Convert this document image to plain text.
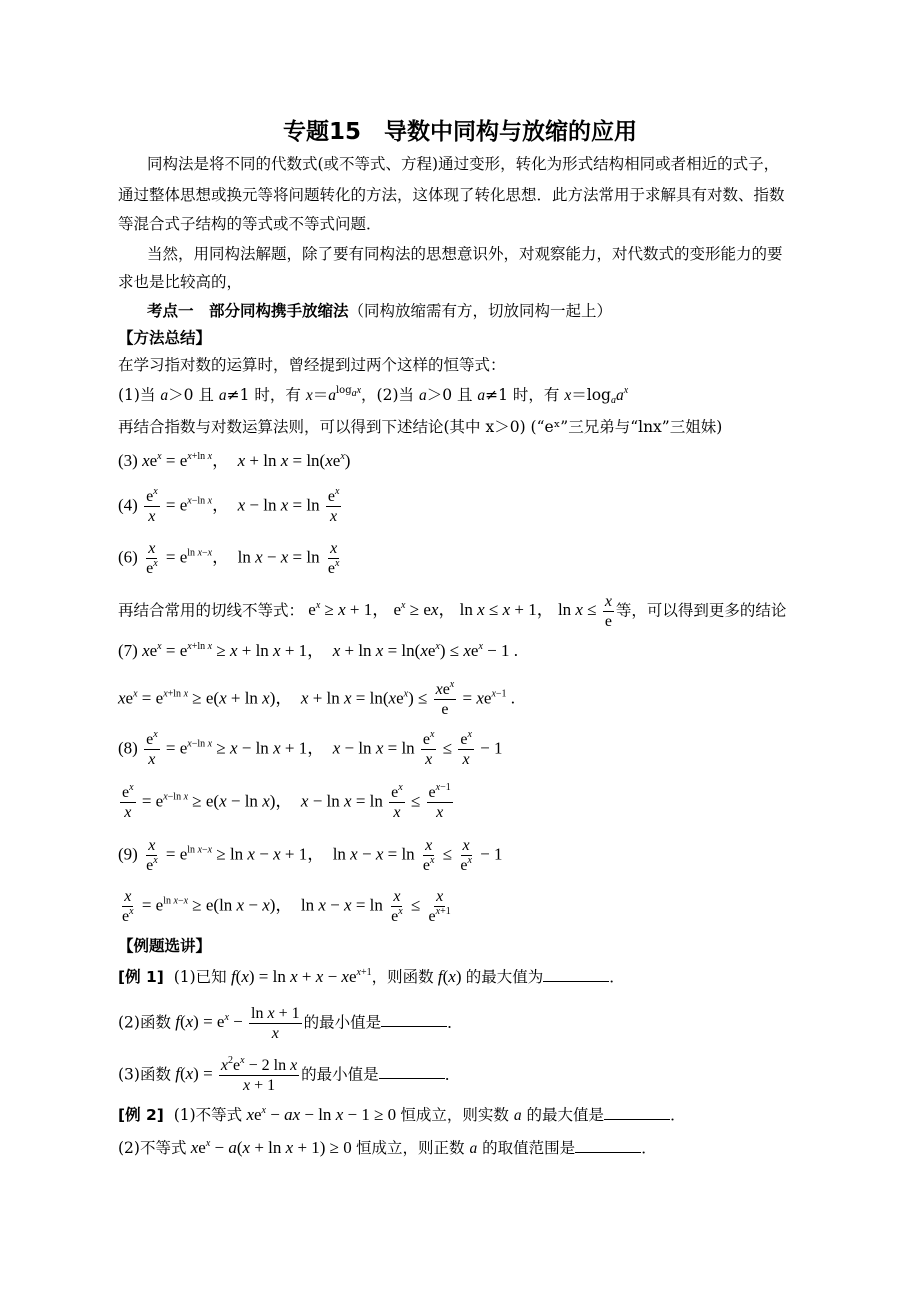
专题15　导数中同构与放缩的应用
同构法是将不同的代数式(或不等式、方程)通过变形，转化为形式结构相同或者相近的式子，
通过整体思想或换元等将问题转化的方法，这体现了转化思想．此方法常用于求解具有对数、指数
等混合式子结构的等式或不等式问题．
当然，用同构法解题，除了要有同构法的思想意识外，对观察能力，对代数式的变形能力的要
求也是比较高的，
考点一　部分同构携手放缩法（同构放缩需有方，切放同构一起上）
【方法总结】
在学习指对数的运算时，曾经提到过两个这样的恒等式：
(1)当 a＞0 且 a≠1 时，有 $x=a^{log_ax}$，(2)当 a＞0 且 a≠1 时，有 $x=\log_aa^x$
再结合指数与对数运算法则，可以得到下述结论(其中 x＞0) (“eˣ”三兄弟与“lnx”三姐妹)
(3) $xe^x = e^{x+ln x}$，  $x + \ln x = \ln(xe^x)$
$(4) \frac{e^x}{x} = e^{x-ln x}$，  $x - \ln x = \ln \frac{e^x}{x}$
$(6) \frac{x}{e^x} = e^{ln x-x}$，  $\ln x - x = \ln \frac{x}{e^x}$
再结合常用的切线不等式： $e^x \ge x + 1$， $e^x$ ≥ ex， ln x ≤ x + 1， $\ln x \le \frac{x}{e}$ 等，可以得到更多的结论
(7) $xe^x = e^{x+ln x} \ge x + \ln x + 1$，  $x + \ln x = \ln(xe^x) \le xe^x - 1$ .
$xe^x = e^{x+ln x} \ge e(x + \ln x)$，  $x + \ln x = \ln(xe^x) \le \frac{xe^x}{e} = xe^{x-1}$ .
$(8) \frac{e^x}{x} = e^{x-ln x} \ge x - \ln x + 1$，  $x - \ln x = \ln \frac{e^x}{x} \le \frac{e^x}{x} - 1$
$\frac{e^x}{x} = e^{x-ln x} \ge e(x - \ln x)$，  $x - \ln x = \ln \frac{e^x}{x} \le \frac{e^{x-1}}{x}$
$(9) \frac{x}{e^x} = e^{ln x-x} \ge \ln x - x + 1$，  $\ln x - x = \ln \frac{x}{e^x} \le \frac{x}{e^x} - 1$
$\frac{x}{e^x} = e^{ln x-x} \ge e(\ln$ x − x)，  $\ln x - x = \ln \frac{x}{e^x} \le \frac{x}{e^{x+1}}$
【例题选讲】
[例 1] (1)已知 $f(x) = \ln x + x - xe^{x+1}$，则函数 f(x) 的最大值为	．
(2)函数 $f(x) = e^x - \frac{\text{ln x + 1}}{x}$ 的最小值是	．
(3)函数 $f(x) = \frac{x^2e^x - 2 \ln x}{x + 1}$ 的最小值是	．
[例 2] (1)不等式 $xe^x$ − ax − ln x − 1 ≥ 0 恒成立，则实数 a 的最大值是	．
(2)不等式 $xe^x - a(x + \ln x + 1) \ge 0$ 恒成立，则正数 a 的取值范围是	．
